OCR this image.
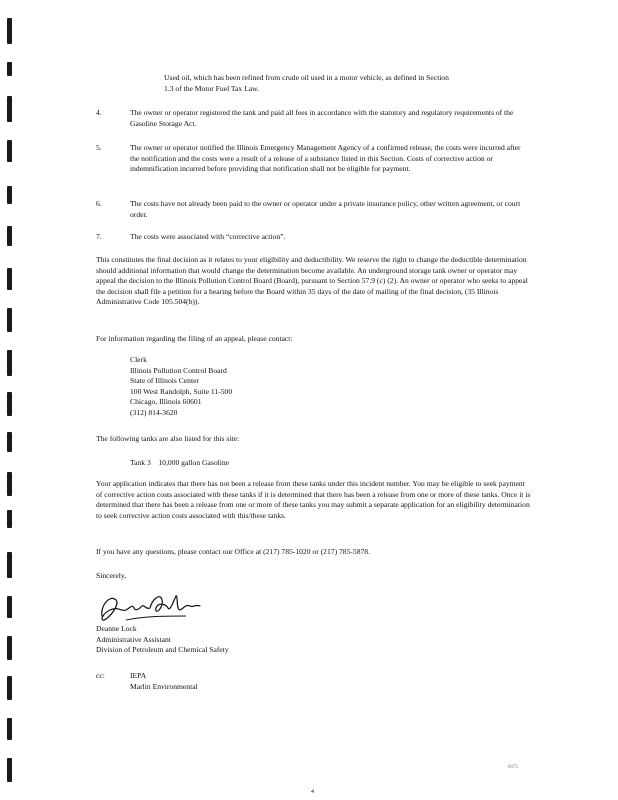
Used oil, which has been refined from crude oil used in a motor vehicle, as defined in Section
1.3 of the Motor Fuel Tax Law.
4.	The owner or operator registered the tank and paid all fees in accordance with the statutory and regulatory requirements of the Gasoline Storage Act.
5.	The owner or operator notified the Illinois Emergency Management Agency of a confirmed release, the costs were incurred after the notification and the costs were a result of a release of a substance listed in this Section. Costs of corrective action or indemnification incurred before providing that notification shall not be eligible for payment.
6.	The costs have not already been paid to the owner or operator under a private insurance policy, other written agreement, or court order.
7.	The costs were associated with “corrective action”.
This constitutes the final decision as it relates to your eligibility and deductibility. We reserve the right to change the deductible determination should additional information that would change the determination become available. An underground storage tank owner or operator may appeal the decision to the Illinois Pollution Control Board (Board), pursuant to Section 57.9 (c) (2). An owner or operator who seeks to appeal the decision shall file a petition for a hearing before the Board within 35 days of the date of mailing of the final decision, (35 Illinois Administrative Code 105.504(b)).
For information regarding the filing of an appeal, please contact:
Clerk
Illinois Pollution Control Board
State of Illinois Center
100 West Randolph, Suite 11-500
Chicago, Illinois 60601
(312) 814-3620
The following tanks are also listed for this site:
Tank 3    10,000 gallon Gasoline
Your application indicates that there has not been a release from these tanks under this incident number. You may be eligible to seek payment of corrective action costs associated with these tanks if it is determined that there has been a release from one or more of these tanks. Once it is determined that there has been a release from one or more of these tanks you may submit a separate application for an eligibility determination to seek corrective action costs associated with this/these tanks.
If you have any questions, please contact our Office at (217) 785-1020 or (217) 785-5878.
Sincerely,
Deanne Lock
Administrative Assistant
Division of Petroleum and Chemical Safety
cc:	IEPA
Marlin Environmental
0075
4
